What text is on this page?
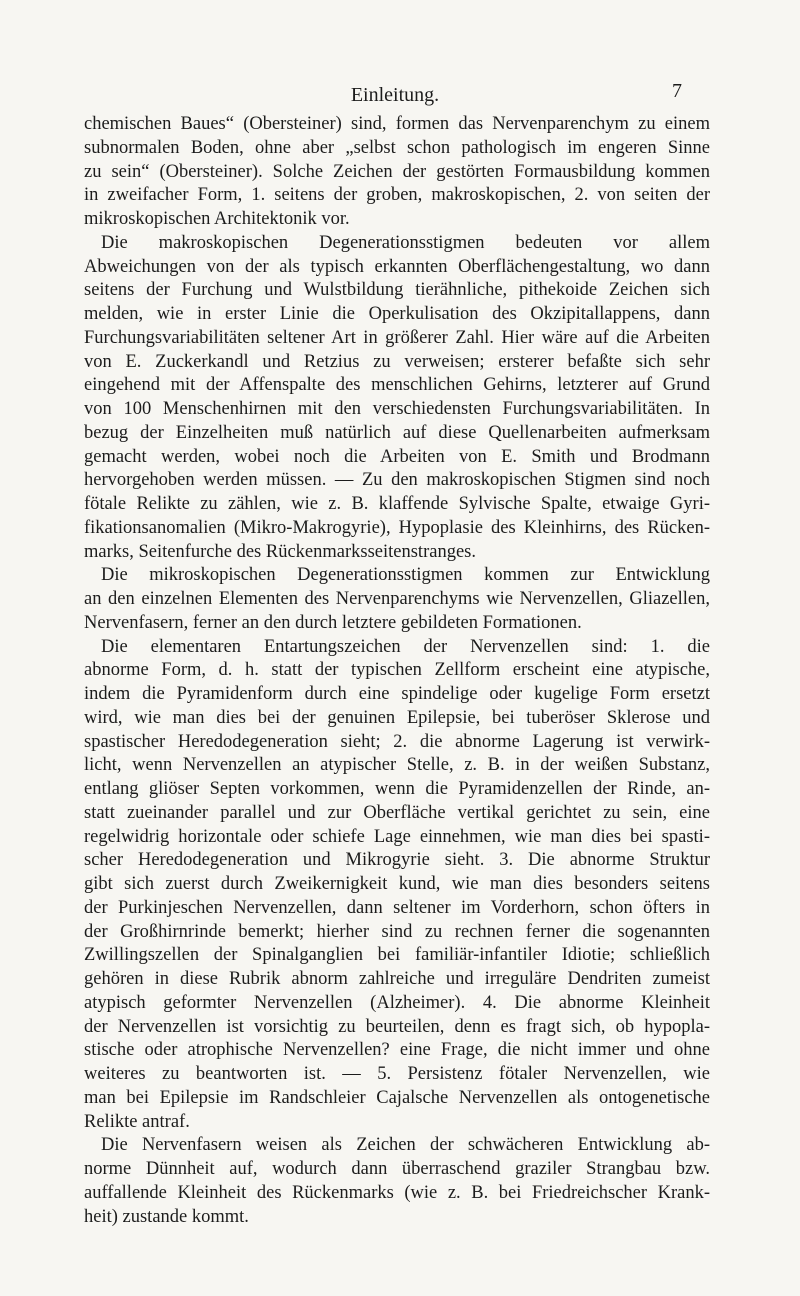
Einleitung.	7
chemischen Baues“ (Obersteiner) sind, formen das Nervenparenchym zu einem
subnormalen Boden, ohne aber „selbst schon pathologisch im engeren Sinne
zu sein“ (Obersteiner). Solche Zeichen der gestörten Formausbildung kommen
in zweifacher Form, 1. seitens der groben, makroskopischen, 2. von seiten der
mikroskopischen Architektonik vor.
Die makroskopischen Degenerationsstigmen bedeuten vor allem
Abweichungen von der als typisch erkannten Oberflächengestaltung, wo dann
seitens der Furchung und Wulstbildung tierähnliche, pithekoide Zeichen sich
melden, wie in erster Linie die Operkulisation des Okzipitallappens, dann
Furchungsvariabilitäten seltener Art in größerer Zahl. Hier wäre auf die Arbeiten
von E. Zuckerkandl und Retzius zu verweisen; ersterer befaßte sich sehr
eingehend mit der Affenspalte des menschlichen Gehirns, letzterer auf Grund
von 100 Menschenhirnen mit den verschiedensten Furchungsvariabilitäten. In
bezug der Einzelheiten muß natürlich auf diese Quellenarbeiten aufmerksam
gemacht werden, wobei noch die Arbeiten von E. Smith und Brodmann
hervorgehoben werden müssen. — Zu den makroskopischen Stigmen sind noch
fötale Relikte zu zählen, wie z. B. klaffende Sylvische Spalte, etwaige Gyri-
fikationsanomalien (Mikro-Makrogyrie), Hypoplasie des Kleinhirns, des Rücken-
marks, Seitenfurche des Rückenmarksseitenstranges.
Die mikroskopischen Degenerationsstigmen kommen zur Entwicklung
an den einzelnen Elementen des Nervenparenchyms wie Nervenzellen, Gliazellen,
Nervenfasern, ferner an den durch letztere gebildeten Formationen.
Die elementaren Entartungszeichen der Nervenzellen sind: 1. die
abnorme Form, d. h. statt der typischen Zellform erscheint eine atypische,
indem die Pyramidenform durch eine spindelige oder kugelige Form ersetzt
wird, wie man dies bei der genuinen Epilepsie, bei tuberöser Sklerose und
spastischer Heredodegeneration sieht; 2. die abnorme Lagerung ist verwirk-
licht, wenn Nervenzellen an atypischer Stelle, z. B. in der weißen Substanz,
entlang gliöser Septen vorkommen, wenn die Pyramidenzellen der Rinde, an-
statt zueinander parallel und zur Oberfläche vertikal gerichtet zu sein, eine
regelwidrig horizontale oder schiefe Lage einnehmen, wie man dies bei spasti-
scher Heredodegeneration und Mikrogyrie sieht. 3. Die abnorme Struktur
gibt sich zuerst durch Zweikernigkeit kund, wie man dies besonders seitens
der Purkinjeschen Nervenzellen, dann seltener im Vorderhorn, schon öfters in
der Großhirnrinde bemerkt; hierher sind zu rechnen ferner die sogenannten
Zwillingszellen der Spinalganglien bei familiär-infantiler Idiotie; schließlich
gehören in diese Rubrik abnorm zahlreiche und irreguläre Dendriten zumeist
atypisch geformter Nervenzellen (Alzheimer). 4. Die abnorme Kleinheit
der Nervenzellen ist vorsichtig zu beurteilen, denn es fragt sich, ob hypopla-
stische oder atrophische Nervenzellen? eine Frage, die nicht immer und ohne
weiteres zu beantworten ist. — 5. Persistenz fötaler Nervenzellen, wie
man bei Epilepsie im Randschleier Cajalsche Nervenzellen als ontogenetische
Relikte antraf.
Die Nervenfasern weisen als Zeichen der schwächeren Entwicklung ab-
norme Dünnheit auf, wodurch dann überraschend graziler Strangbau bzw.
auffallende Kleinheit des Rückenmarks (wie z. B. bei Friedreichscher Krank-
heit) zustande kommt.
